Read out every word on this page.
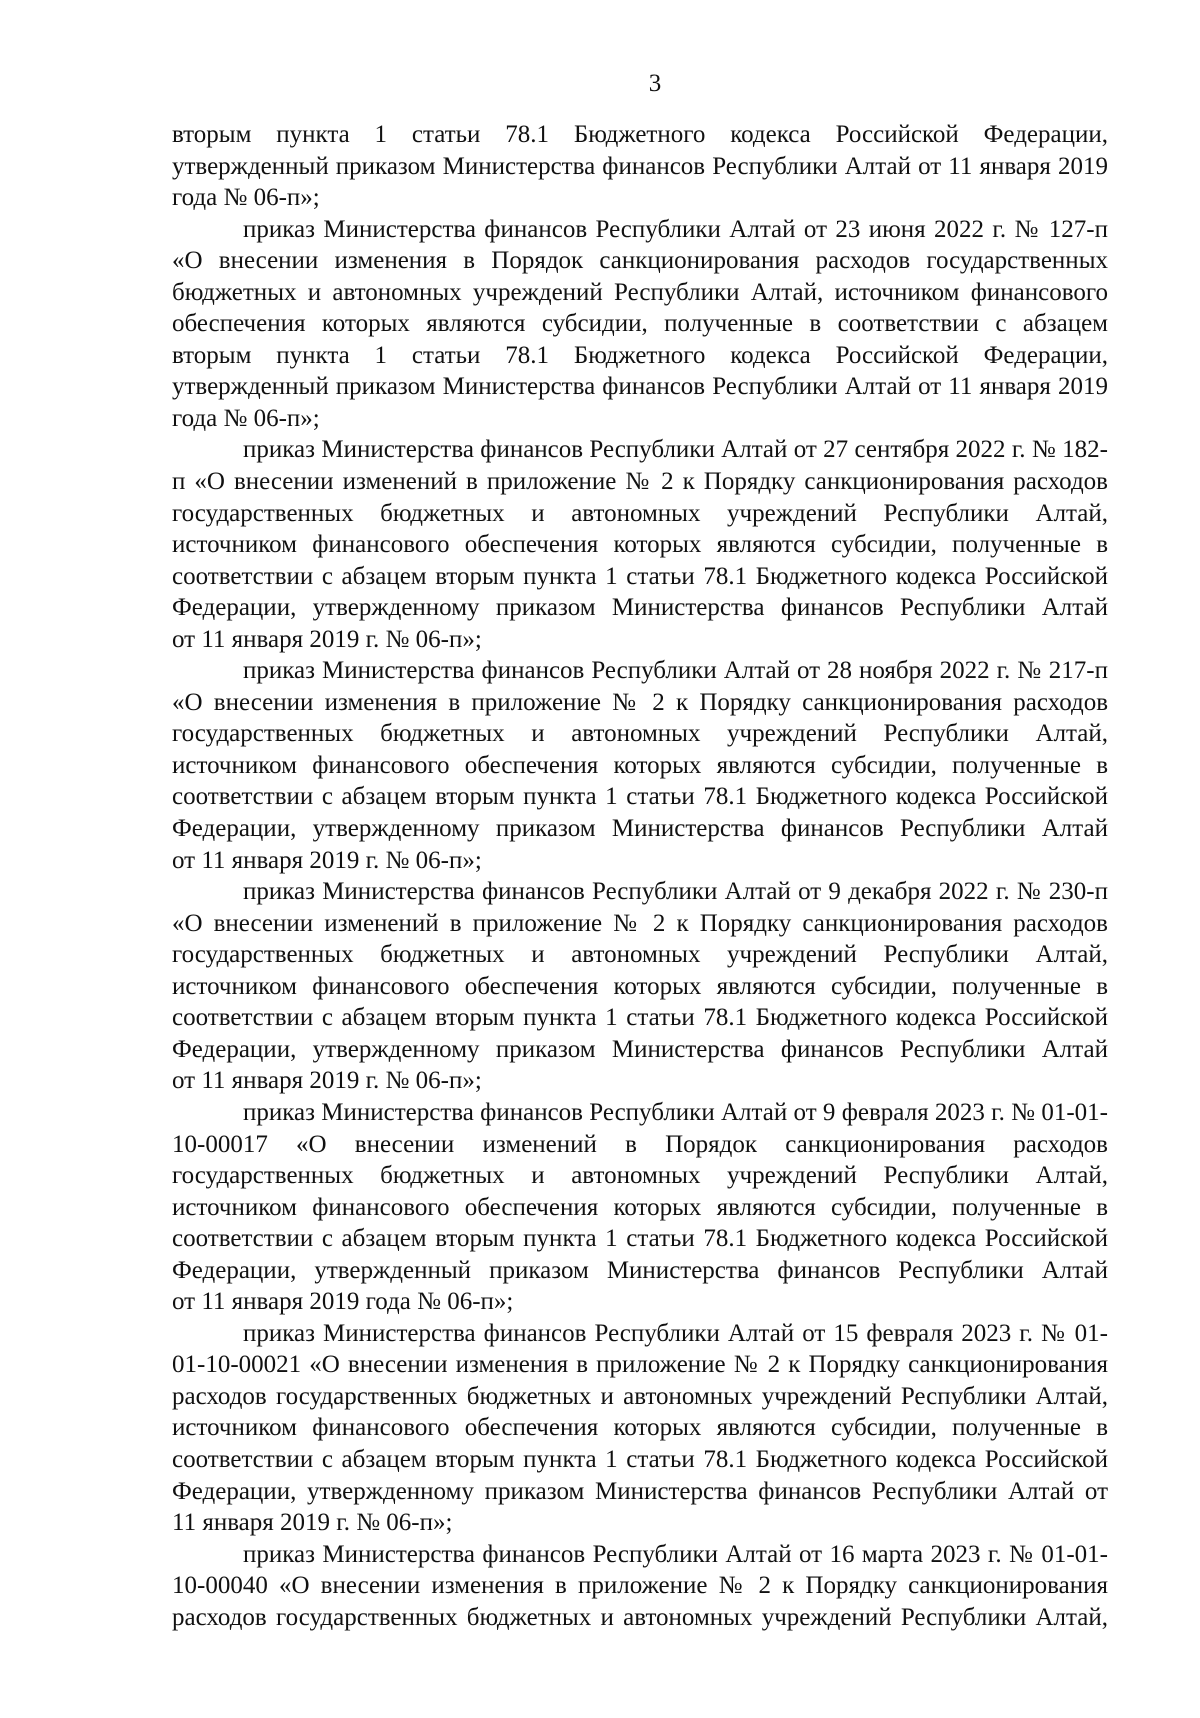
3
вторым пункта 1 статьи 78.1 Бюджетного кодекса Российской Федерации,
утвержденный приказом Министерства финансов Республики Алтай от 11 января 2019
года № 06-п»;
приказ Министерства финансов Республики Алтай от 23 июня 2022 г. № 127-п
«О внесении изменения в Порядок санкционирования расходов государственных
бюджетных и автономных учреждений Республики Алтай, источником финансового
обеспечения которых являются субсидии, полученные в соответствии с абзацем
вторым пункта 1 статьи 78.1 Бюджетного кодекса Российской Федерации,
утвержденный приказом Министерства финансов Республики Алтай от 11 января 2019
года № 06-п»;
приказ Министерства финансов Республики Алтай от 27 сентября 2022 г. № 182-
п «О внесении изменений в приложение № 2 к Порядку санкционирования расходов
государственных бюджетных и автономных учреждений Республики Алтай,
источником финансового обеспечения которых являются субсидии, полученные в
соответствии с абзацем вторым пункта 1 статьи 78.1 Бюджетного кодекса Российской
Федерации, утвержденному приказом Министерства финансов Республики Алтай
от 11 января 2019 г. № 06-п»;
приказ Министерства финансов Республики Алтай от 28 ноября 2022 г. № 217-п
«О внесении изменения в приложение № 2 к Порядку санкционирования расходов
государственных бюджетных и автономных учреждений Республики Алтай,
источником финансового обеспечения которых являются субсидии, полученные в
соответствии с абзацем вторым пункта 1 статьи 78.1 Бюджетного кодекса Российской
Федерации, утвержденному приказом Министерства финансов Республики Алтай
от 11 января 2019 г. № 06-п»;
приказ Министерства финансов Республики Алтай от 9 декабря 2022 г. № 230-п
«О внесении изменений в приложение № 2 к Порядку санкционирования расходов
государственных бюджетных и автономных учреждений Республики Алтай,
источником финансового обеспечения которых являются субсидии, полученные в
соответствии с абзацем вторым пункта 1 статьи 78.1 Бюджетного кодекса Российской
Федерации, утвержденному приказом Министерства финансов Республики Алтай
от 11 января 2019 г. № 06-п»;
приказ Министерства финансов Республики Алтай от 9 февраля 2023 г. № 01-01-
10-00017 «О внесении изменений в Порядок санкционирования расходов
государственных бюджетных и автономных учреждений Республики Алтай,
источником финансового обеспечения которых являются субсидии, полученные в
соответствии с абзацем вторым пункта 1 статьи 78.1 Бюджетного кодекса Российской
Федерации, утвержденный приказом Министерства финансов Республики Алтай
от 11 января 2019 года № 06-п»;
приказ Министерства финансов Республики Алтай от 15 февраля 2023 г. № 01-
01-10-00021 «О внесении изменения в приложение № 2 к Порядку санкционирования
расходов государственных бюджетных и автономных учреждений Республики Алтай,
источником финансового обеспечения которых являются субсидии, полученные в
соответствии с абзацем вторым пункта 1 статьи 78.1 Бюджетного кодекса Российской
Федерации, утвержденному приказом Министерства финансов Республики Алтай от
11 января 2019 г. № 06-п»;
приказ Министерства финансов Республики Алтай от 16 марта 2023 г. № 01-01-
10-00040 «О внесении изменения в приложение № 2 к Порядку санкционирования
расходов государственных бюджетных и автономных учреждений Республики Алтай,
